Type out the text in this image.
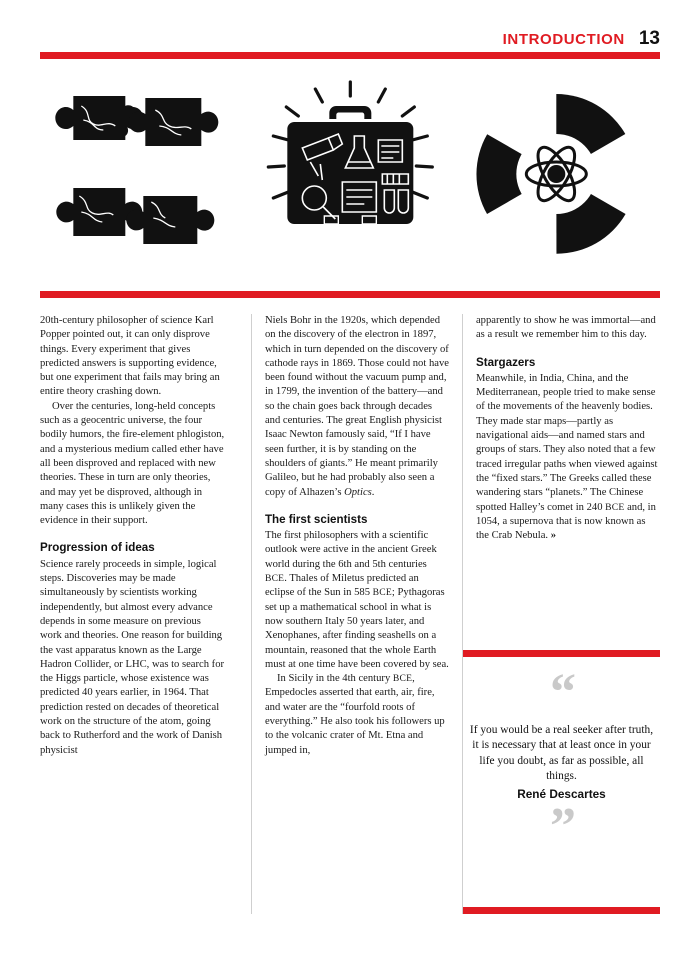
INTRODUCTION 13

20th-century philosopher of science Karl Popper pointed out, it can only disprove things. Every experiment that gives predicted answers is supporting evidence, but one experiment that fails may bring an entire theory crashing down.

Over the centuries, long-held concepts such as a geocentric universe, the four bodily humors, the fire-element phlogiston, and a mysterious medium called ether have all been disproved and replaced with new theories. These in turn are only theories, and may yet be disproved, although in many cases this is unlikely given the evidence in their support.

Progression of ideas

Science rarely proceeds in simple, logical steps. Discoveries may be made simultaneously by scientists working independently, but almost every advance depends in some measure on previous work and theories. One reason for building the vast apparatus known as the Large Hadron Collider, or LHC, was to search for the Higgs particle, whose existence was predicted 40 years earlier, in 1964. That prediction rested on decades of theoretical work on the structure of the atom, going back to Rutherford and the work of Danish physicist

Niels Bohr in the 1920s, which depended on the discovery of the electron in 1897, which in turn depended on the discovery of cathode rays in 1869. Those could not have been found without the vacuum pump and, in 1799, the invention of the battery—and so the chain goes back through decades and centuries. The great English physicist Isaac Newton famously said, “If I have seen further, it is by standing on the shoulders of giants.” He meant primarily Galileo, but he had probably also seen a copy of Alhazen’s Optics.

The first scientists

The first philosophers with a scientific outlook were active in the ancient Greek world during the 6th and 5th centuries BCE. Thales of Miletus predicted an eclipse of the Sun in 585 BCE; Pythagoras set up a mathematical school in what is now southern Italy 50 years later, and Xenophanes, after finding seashells on a mountain, reasoned that the whole Earth must at one time have been covered by sea.

In Sicily in the 4th century BCE, Empedocles asserted that earth, air, fire, and water are the “fourfold roots of everything.” He also took his followers up to the volcanic crater of Mt. Etna and jumped in,

apparently to show he was immortal—and as a result we remember him to this day.

Stargazers

Meanwhile, in India, China, and the Mediterranean, people tried to make sense of the movements of the heavenly bodies. They made star maps—partly as navigational aids—and named stars and groups of stars. They also noted that a few traced irregular paths when viewed against the “fixed stars.” The Greeks called these wandering stars “planets.” The Chinese spotted Halley’s comet in 240 BCE and, in 1054, a supernova that is now known as the Crab Nebula. »

“
If you would be a real seeker after truth, it is necessary that at least once in your life you doubt, as far as possible, all things.
René Descartes
”
